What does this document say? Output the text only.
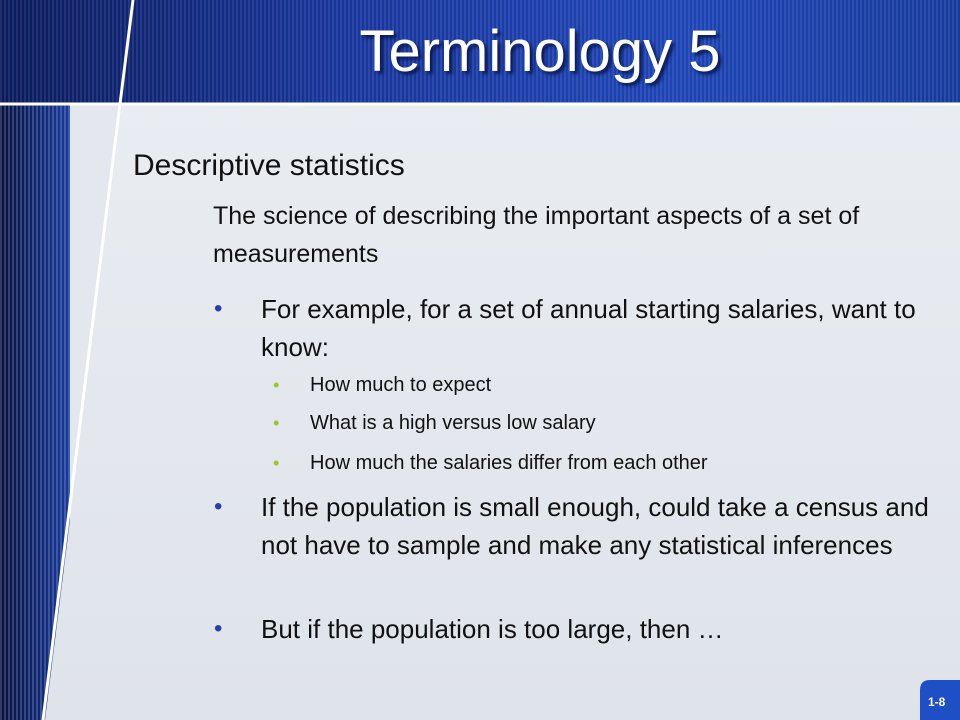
Terminology 5
Descriptive statistics
The science of describing the important aspects of a set of measurements
• For example, for a set of annual starting salaries, want to know:
• How much to expect
• What is a high versus low salary
• How much the salaries differ from each other
• If the population is small enough, could take a census and not have to sample and make any statistical inferences
• But if the population is too large, then …
1-8
